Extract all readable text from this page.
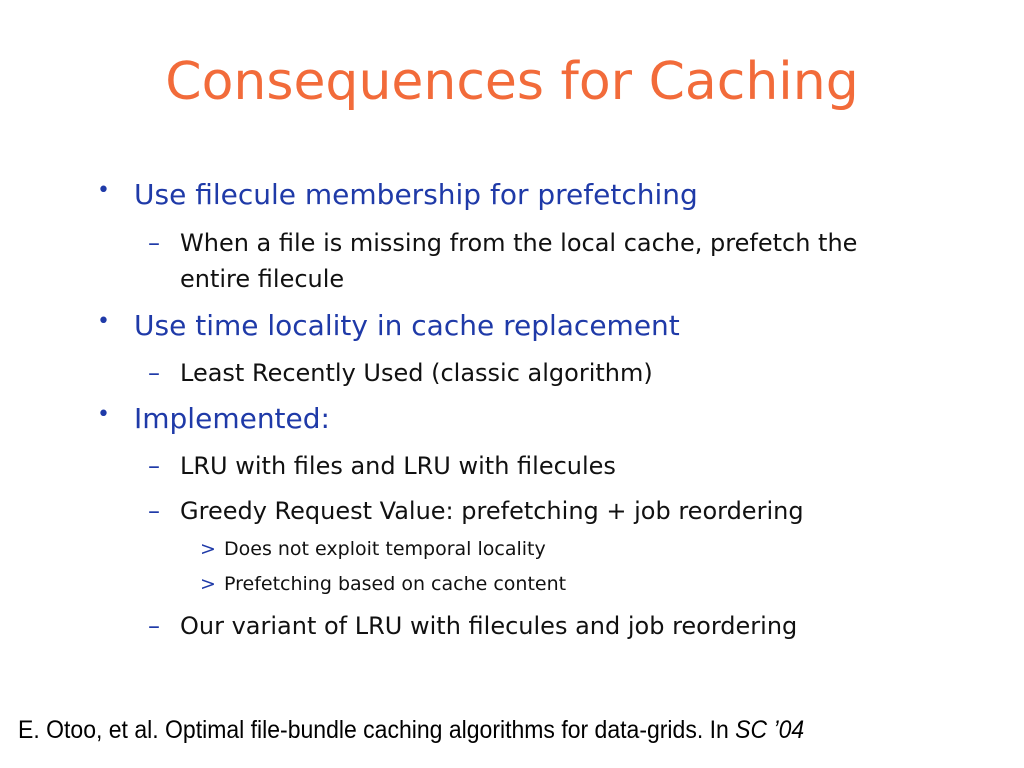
Consequences for Caching
• Use filecule membership for prefetching
– When a file is missing from the local cache, prefetch the
entire filecule
• Use time locality in cache replacement
– Least Recently Used (classic algorithm)
• Implemented:
– LRU with files and LRU with filecules
– Greedy Request Value: prefetching + job reordering
> Does not exploit temporal locality
> Prefetching based on cache content
– Our variant of LRU with filecules and job reordering
E. Otoo, et al. Optimal file-bundle caching algorithms for data-grids. In SC ’04
